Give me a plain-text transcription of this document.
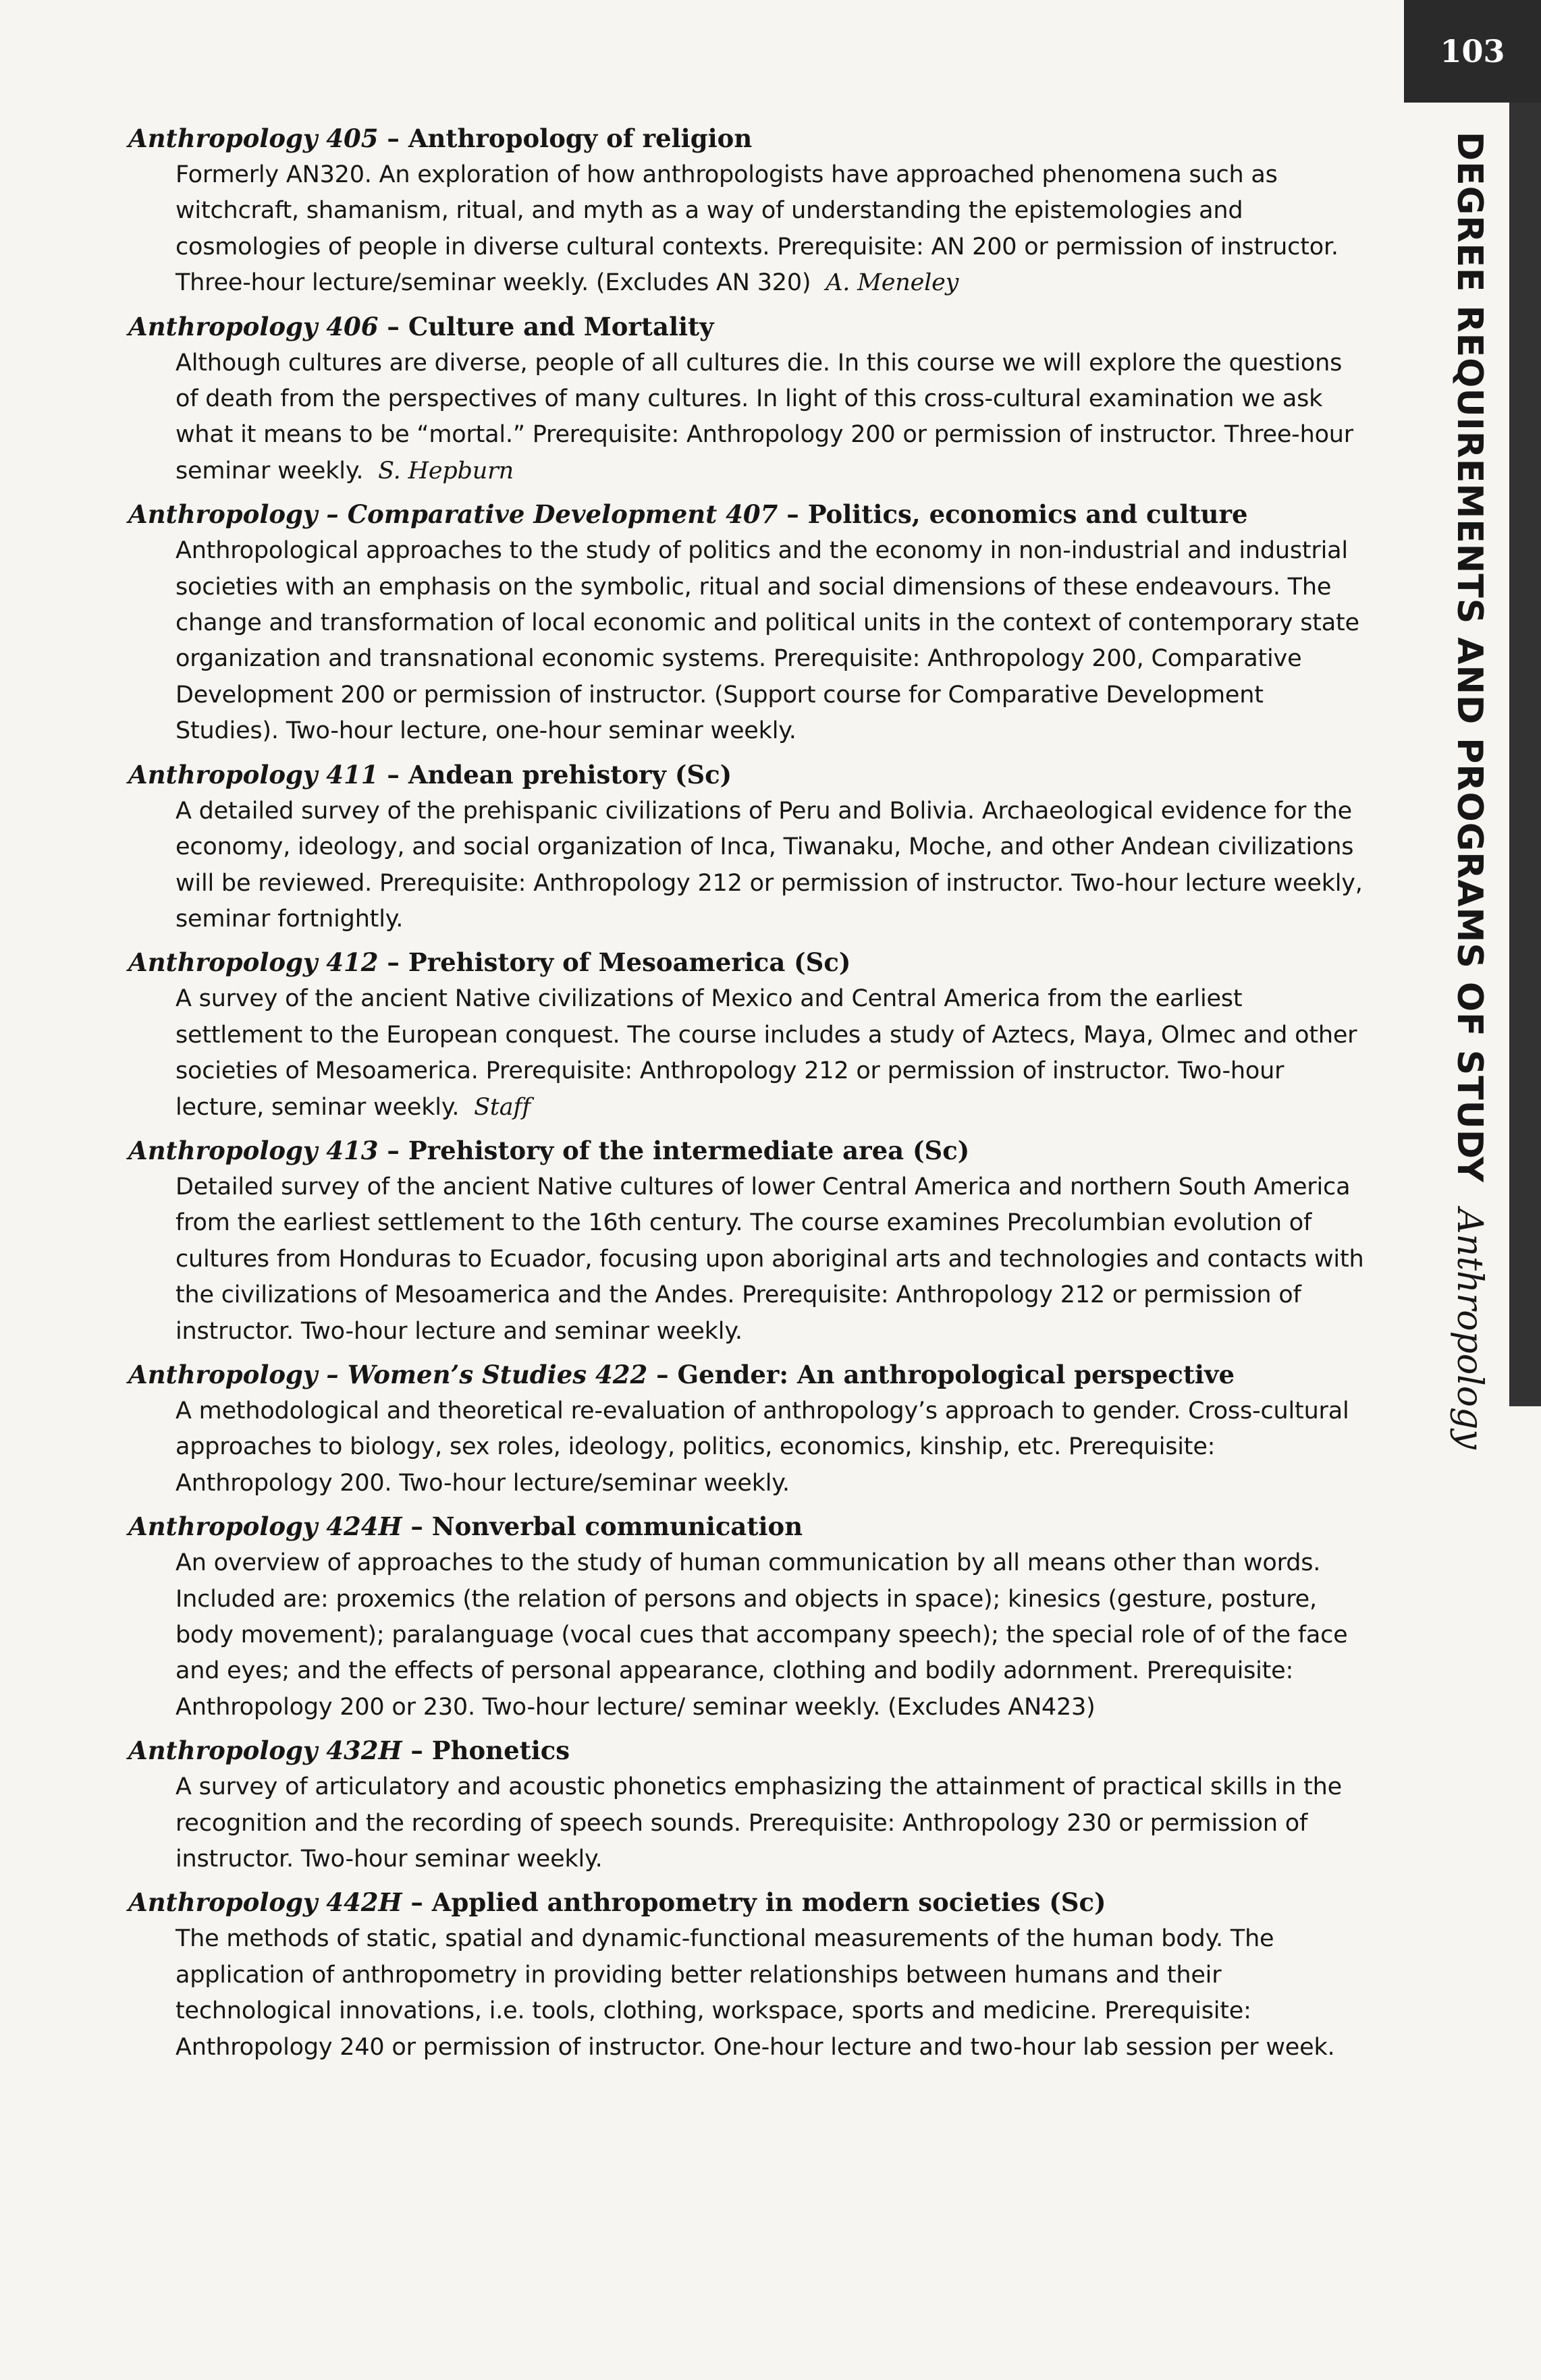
103
DEGREE REQUIREMENTS AND PROGRAMS OF STUDYAnthropology

Anthropology 405 – Anthropology of religion

Formerly AN320. An exploration of how anthropologists have approached phenomena such as witchcraft, shamanism, ritual, and myth as a way of understanding the epistemologies and cosmologies of people in diverse cultural contexts. Prerequisite: AN 200 or permission of instructor. Three-hour lecture/seminar weekly. (Excludes AN 320) A. Meneley

Anthropology 406 – Culture and Mortality

Although cultures are diverse, people of all cultures die. In this course we will explore the questions of death from the perspectives of many cultures. In light of this cross-cultural examination we ask what it means to be “mortal.” Prerequisite: Anthropology 200 or permission of instructor. Three-hour seminar weekly. S. Hepburn

Anthropology – Comparative Development 407 – Politics, economics and culture

Anthropological approaches to the study of politics and the economy in non-industrial and industrial societies with an emphasis on the symbolic, ritual and social dimensions of these endeavours. The change and transformation of local economic and political units in the context of contemporary state organization and transnational economic systems. Prerequisite: Anthropology 200, Comparative Development 200 or permission of instructor. (Support course for Comparative Development Studies). Two-hour lecture, one-hour seminar weekly.

Anthropology 411 – Andean prehistory (Sc)

A detailed survey of the prehispanic civilizations of Peru and Bolivia. Archaeological evidence for the economy, ideology, and social organization of Inca, Tiwanaku, Moche, and other Andean civilizations will be reviewed. Prerequisite: Anthropology 212 or permission of instructor. Two-hour lecture weekly, seminar fortnightly.

Anthropology 412 – Prehistory of Mesoamerica (Sc)

A survey of the ancient Native civilizations of Mexico and Central America from the earliest settlement to the European conquest. The course includes a study of Aztecs, Maya, Olmec and other societies of Mesoamerica. Prerequisite: Anthropology 212 or permission of instructor. Two-hour lecture, seminar weekly. Staff

Anthropology 413 – Prehistory of the intermediate area (Sc)

Detailed survey of the ancient Native cultures of lower Central America and northern South America from the earliest settlement to the 16th century. The course examines Precolumbian evolution of cultures from Honduras to Ecuador, focusing upon aboriginal arts and technologies and contacts with the civilizations of Mesoamerica and the Andes. Prerequisite: Anthropology 212 or permission of instructor. Two-hour lecture and seminar weekly.

Anthropology – Women’s Studies 422 – Gender: An anthropological perspective

A methodological and theoretical re-evaluation of anthropology’s approach to gender. Cross-cultural approaches to biology, sex roles, ideology, politics, economics, kinship, etc. Prerequisite: Anthropology 200. Two-hour lecture/seminar weekly.

Anthropology 424H – Nonverbal communication

An overview of approaches to the study of human communication by all means other than words. Included are: proxemics (the relation of persons and objects in space); kinesics (gesture, posture, body movement); paralanguage (vocal cues that accompany speech); the special role of of the face and eyes; and the effects of personal appearance, clothing and bodily adornment. Prerequisite: Anthropology 200 or 230. Two-hour lecture/ seminar weekly. (Excludes AN423)

Anthropology 432H – Phonetics

A survey of articulatory and acoustic phonetics emphasizing the attainment of practical skills in the recognition and the recording of speech sounds. Prerequisite: Anthropology 230 or permission of instructor. Two-hour seminar weekly.

Anthropology 442H – Applied anthropometry in modern societies (Sc)

The methods of static, spatial and dynamic-functional measurements of the human body. The application of anthropometry in providing better relationships between humans and their technological innovations, i.e. tools, clothing, workspace, sports and medicine. Prerequisite: Anthropology 240 or permission of instructor. One-hour lecture and two-hour lab session per week.
